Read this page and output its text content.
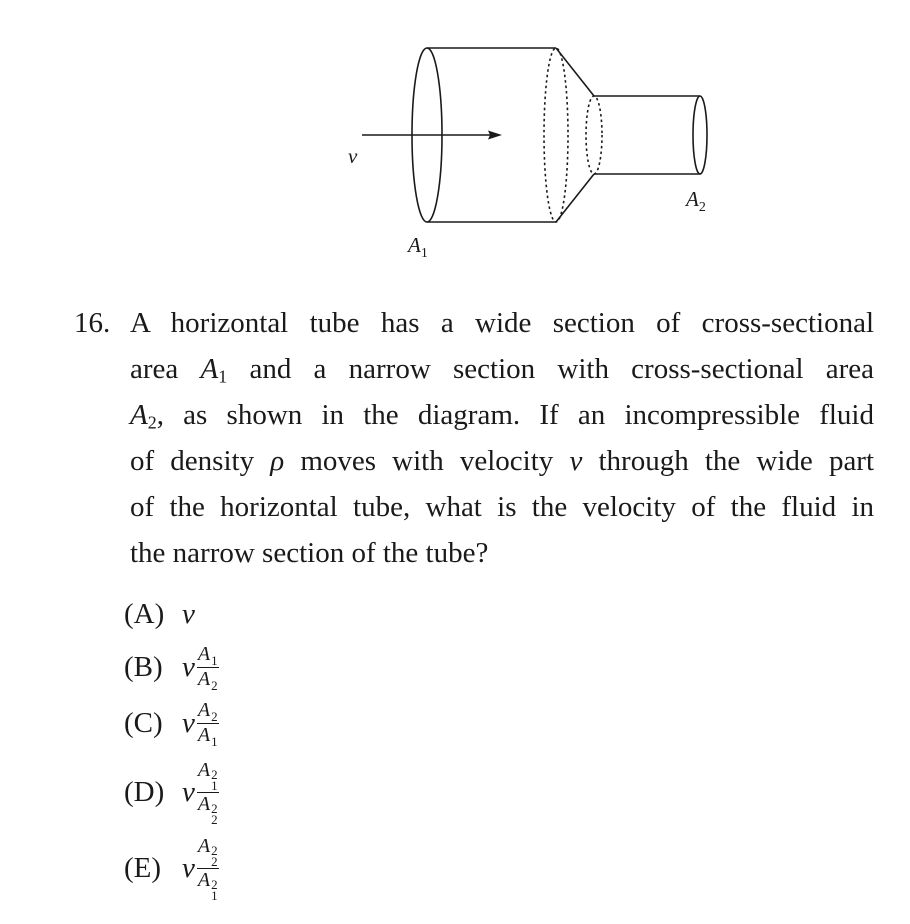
v
$A_1$
$A_2$
16. A horizontal tube has a wide section of cross-sectional
area $A_1$ and a narrow section with cross-sectional area
$A_2$, as shown in the diagram. If an incompressible fluid
of density ρ moves with velocity v through the wide part
of the horizontal tube, what is the velocity of the fluid in
the narrow section of the tube?
(A) v
(B) v $\frac{A1}{A2}$
(C) v $\frac{A2}{A1}$
(D) v A 2
1
A 2
2
(E) v A 2
2
A 2
1
